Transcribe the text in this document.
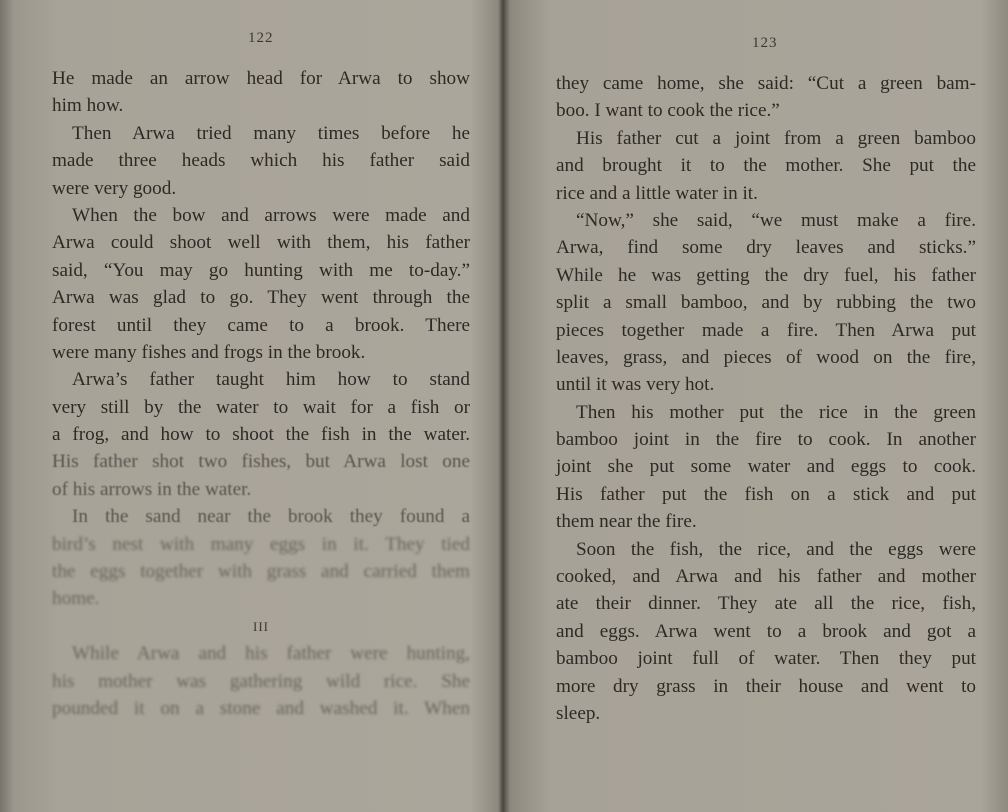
122
He made an arrow head for Arwa to show
him how.
Then Arwa tried many times before he
made three heads which his father said
were very good.
When the bow and arrows were made and
Arwa could shoot well with them, his father
said, “You may go hunting with me to-day.”
Arwa was glad to go. They went through the
forest until they came to a brook. There
were many fishes and frogs in the brook.
Arwa’s father taught him how to stand
very still by the water to wait for a fish or
a frog, and how to shoot the fish in the water.
His father shot two fishes, but Arwa lost one
of his arrows in the water.
In the sand near the brook they found a
bird’s nest with many eggs in it. They tied
the eggs together with grass and carried them
home.
III
While Arwa and his father were hunting,
his mother was gathering wild rice. She
pounded it on a stone and washed it. When
123
they came home, she said: “Cut a green bam-
boo. I want to cook the rice.”
His father cut a joint from a green bamboo
and brought it to the mother. She put the
rice and a little water in it.
“Now,” she said, “we must make a fire.
Arwa, find some dry leaves and sticks.”
While he was getting the dry fuel, his father
split a small bamboo, and by rubbing the two
pieces together made a fire. Then Arwa put
leaves, grass, and pieces of wood on the fire,
until it was very hot.
Then his mother put the rice in the green
bamboo joint in the fire to cook. In another
joint she put some water and eggs to cook.
His father put the fish on a stick and put
them near the fire.
Soon the fish, the rice, and the eggs were
cooked, and Arwa and his father and mother
ate their dinner. They ate all the rice, fish,
and eggs. Arwa went to a brook and got a
bamboo joint full of water. Then they put
more dry grass in their house and went to
sleep.
